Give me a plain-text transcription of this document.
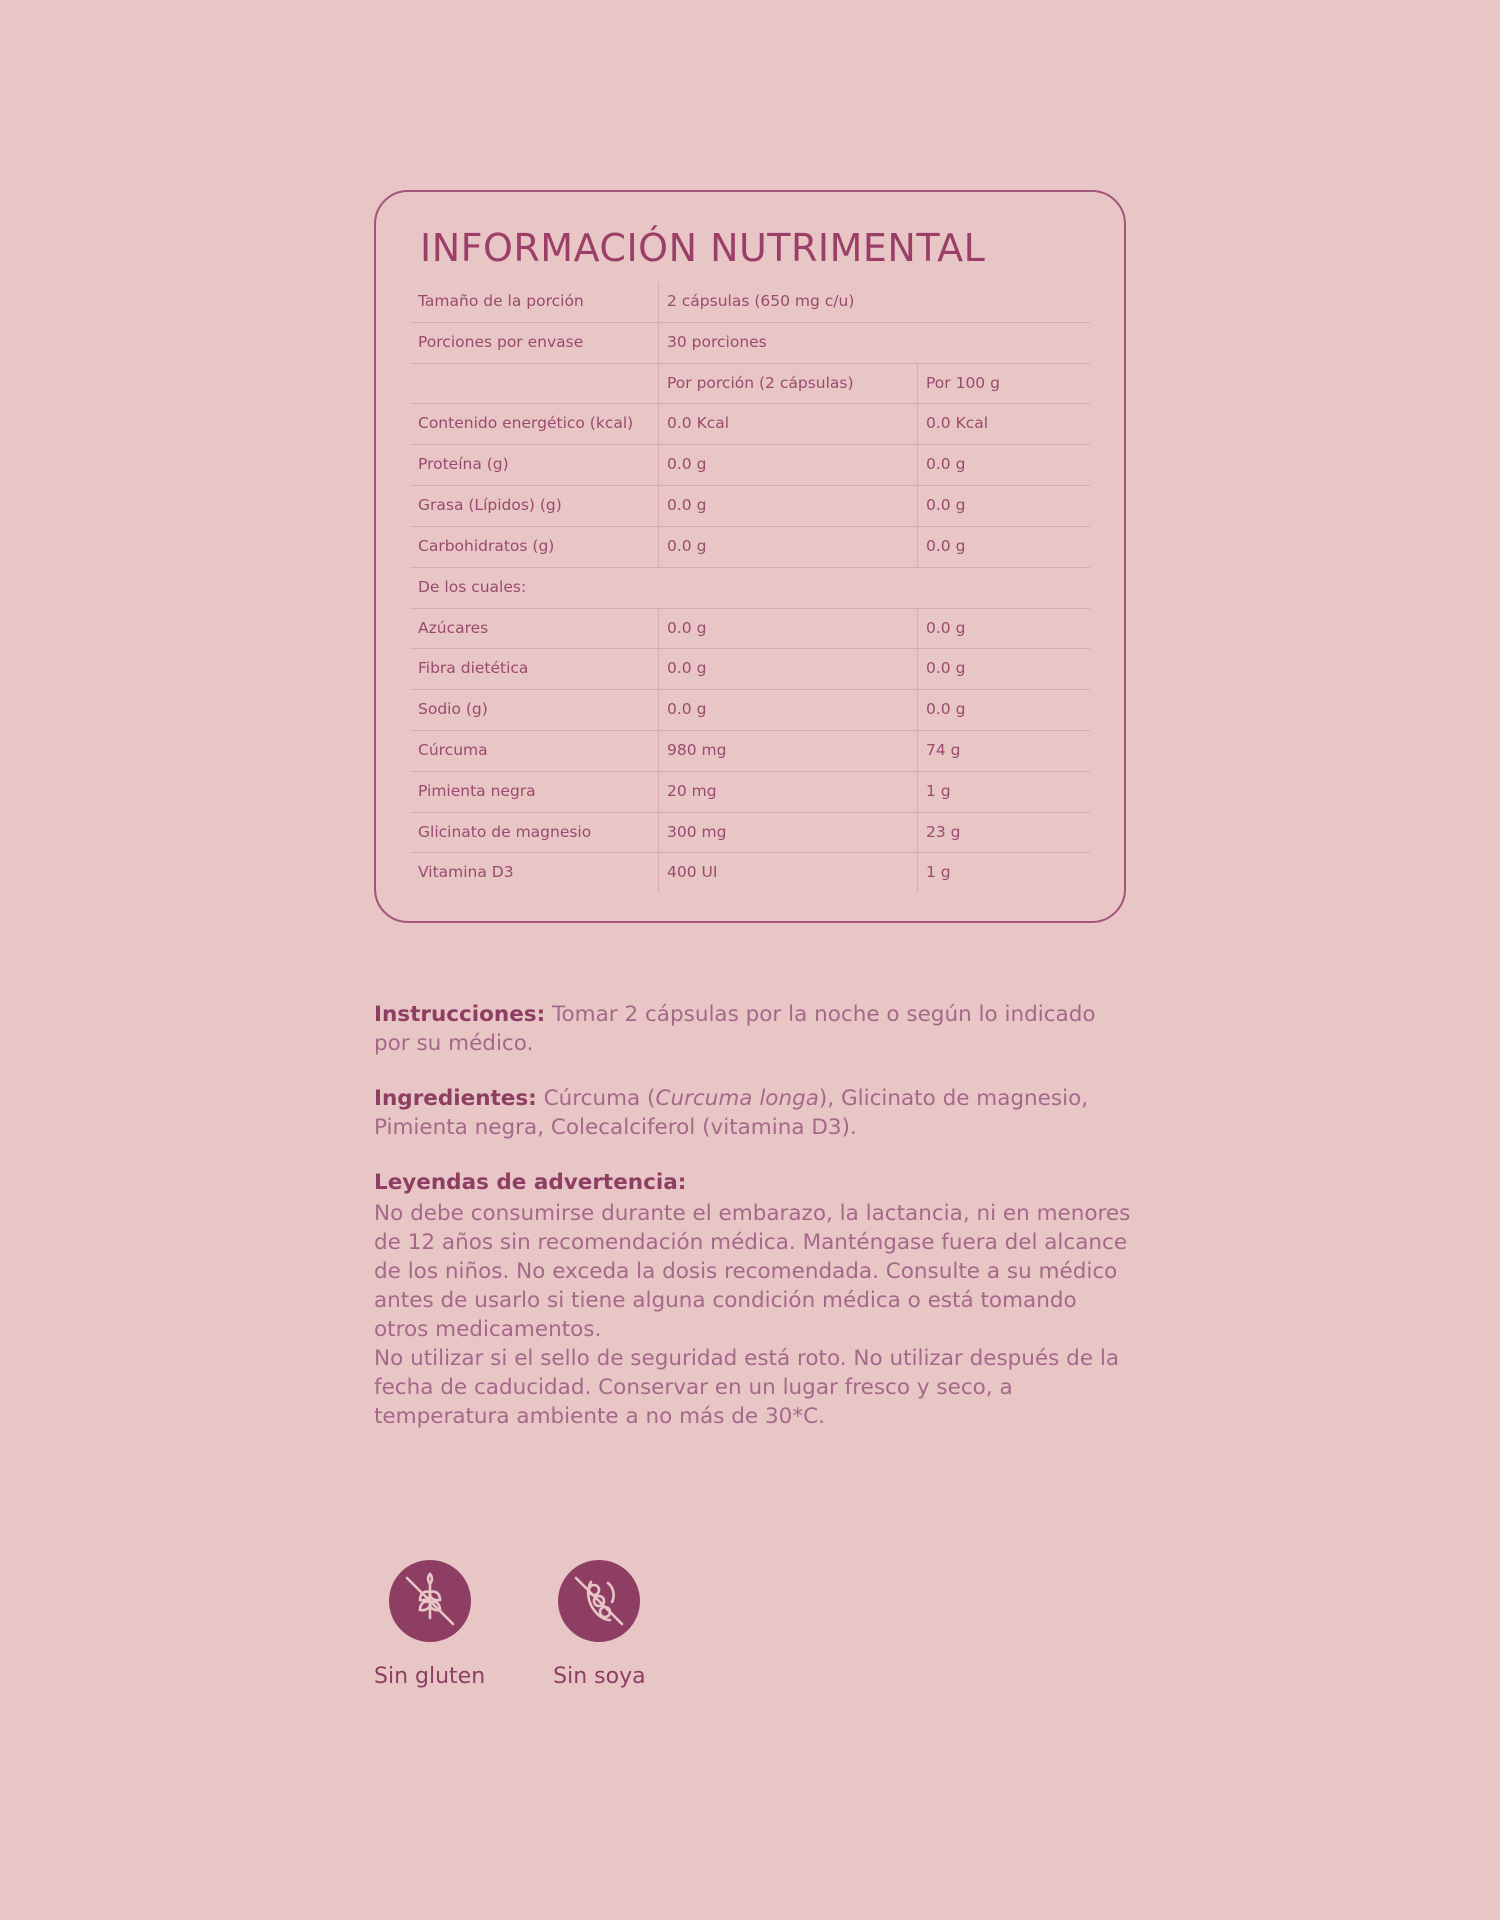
INFORMACIÓN NUTRIMENTAL
Tamaño de la porción	2 cápsulas (650 mg c/u)	
Porciones por envase	30 porciones	
	Por porción (2 cápsulas)	Por 100 g
Contenido energético (kcal)	0.0 Kcal	0.0 Kcal
Proteína (g)	0.0 g	0.0 g
Grasa (Lípidos) (g)	0.0 g	0.0 g
Carbohidratos (g)	0.0 g	0.0 g
De los cuales:		
Azúcares	0.0 g	0.0 g
Fibra dietética	0.0 g	0.0 g
Sodio (g)	0.0 g	0.0 g
Cúrcuma	980 mg	74 g
Pimienta negra	20 mg	1 g
Glicinato de magnesio	300 mg	23 g
Vitamina D3	400 UI	1 g

Instrucciones: Tomar 2 cápsulas por la noche o según lo indicado por su médico.

Ingredientes: Cúrcuma (Curcuma longa), Glicinato de magnesio, Pimienta negra, Colecalciferol (vitamina D3).

Leyendas de advertencia:
No debe consumirse durante el embarazo, la lactancia, ni en menores de 12 años sin recomendación médica. Manténgase fuera del alcance de los niños. No exceda la dosis recomendada. Consulte a su médico antes de usarlo si tiene alguna condición médica o está tomando otros medicamentos.
No utilizar si el sello de seguridad está roto. No utilizar después de la fecha de caducidad. Conservar en un lugar fresco y seco, a temperatura ambiente a no más de 30*C.

Sin gluten	Sin soya
